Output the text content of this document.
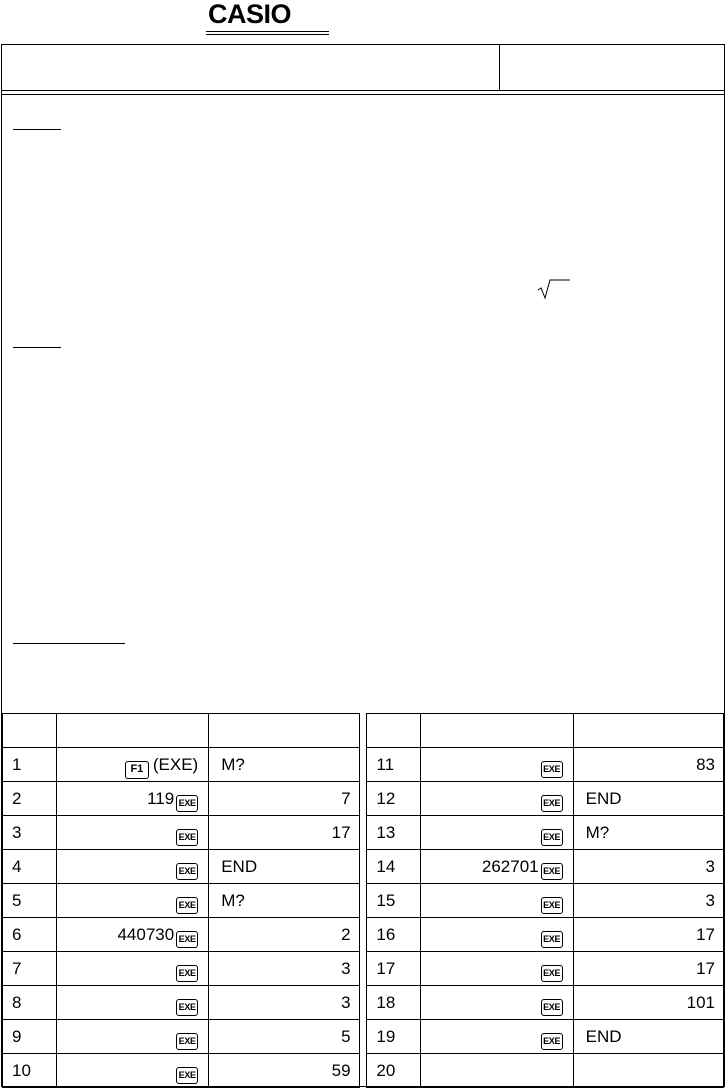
CASIO

1	F1 (EXE)	M?		11	EXE	83
2	119 EXE	7		12	EXE	END
3	EXE	17		13	EXE	M?
4	EXE	END		14	262701 EXE	3
5	EXE	M?		15	EXE	3
6	440730 EXE	2		16	EXE	17
7	EXE	3		17	EXE	17
8	EXE	3		18	EXE	101
9	EXE	5		19	EXE	END
10	EXE	59		20		
